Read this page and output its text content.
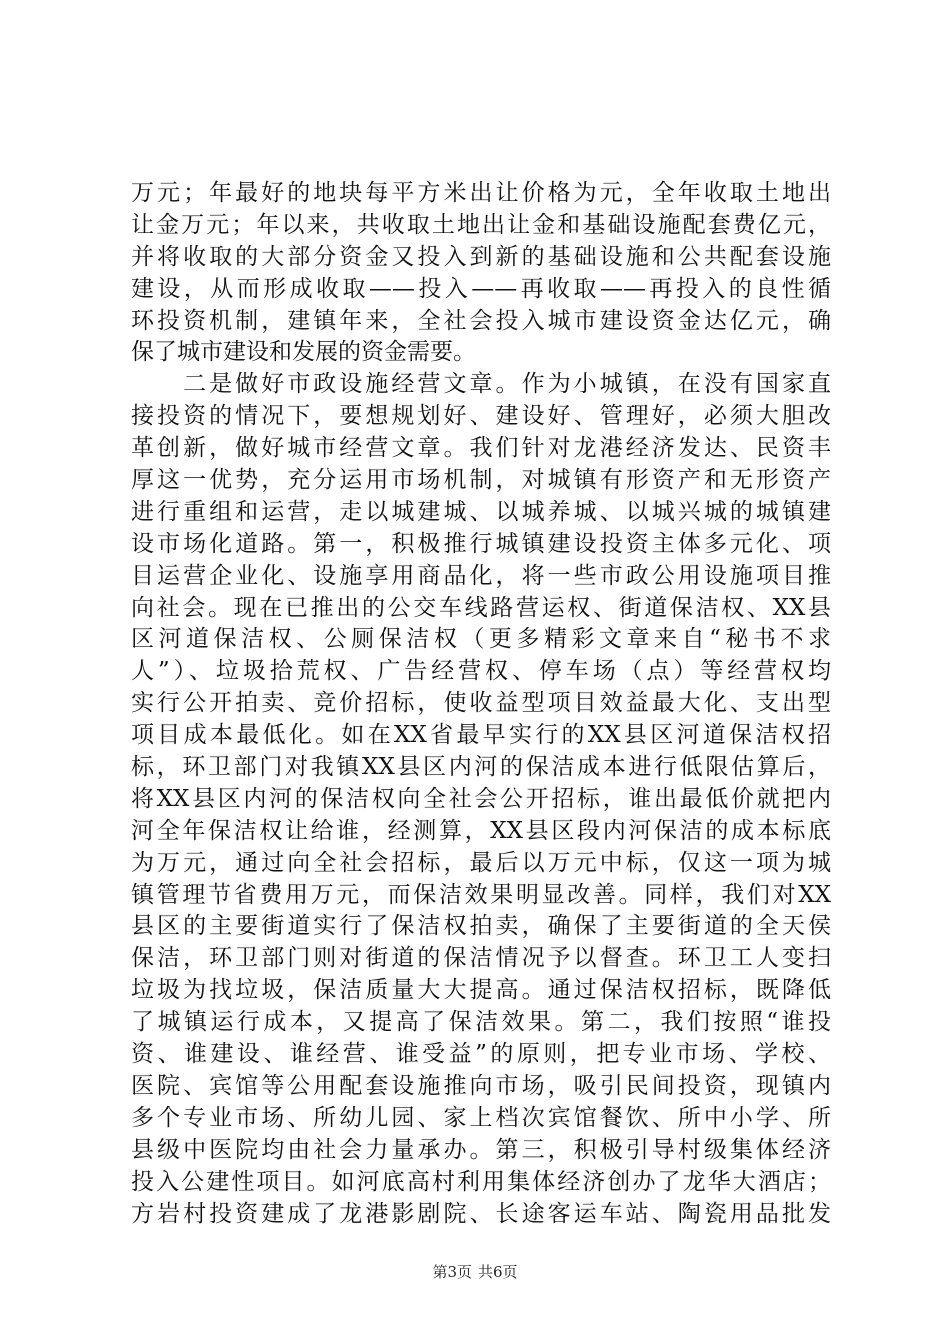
万元；年最好的地块每平方米出让价格为元，全年收取土地出
让金万元；年以来，共收取土地出让金和基础设施配套费亿元，
并将收取的大部分资金又投入到新的基础设施和公共配套设施
建设，从而形成收取——投入——再收取——再投入的良性循
环投资机制，建镇年来，全社会投入城市建设资金达亿元，确
保了城市建设和发展的资金需要。
　　二是做好市政设施经营文章。作为小城镇，在没有国家直
接投资的情况下，要想规划好、建设好、管理好，必须大胆改
革创新，做好城市经营文章。我们针对龙港经济发达、民资丰
厚这一优势，充分运用市场机制，对城镇有形资产和无形资产
进行重组和运营，走以城建城、以城养城、以城兴城的城镇建
设市场化道路。第一，积极推行城镇建设投资主体多元化、项
目运营企业化、设施享用商品化，将一些市政公用设施项目推
向社会。现在已推出的公交车线路营运权、街道保洁权、XX县
区河道保洁权、公厕保洁权（更多精彩文章来自“秘书不求
人”）、垃圾拾荒权、广告经营权、停车场（点）等经营权均
实行公开拍卖、竞价招标，使收益型项目效益最大化、支出型
项目成本最低化。如在XX省最早实行的XX县区河道保洁权招
标，环卫部门对我镇XX县区内河的保洁成本进行低限估算后，
将XX县区内河的保洁权向全社会公开招标，谁出最低价就把内
河全年保洁权让给谁，经测算，XX县区段内河保洁的成本标底
为万元，通过向全社会招标，最后以万元中标，仅这一项为城
镇管理节省费用万元，而保洁效果明显改善。同样，我们对XX
县区的主要街道实行了保洁权拍卖，确保了主要街道的全天侯
保洁，环卫部门则对街道的保洁情况予以督查。环卫工人变扫
垃圾为找垃圾，保洁质量大大提高。通过保洁权招标，既降低
了城镇运行成本，又提高了保洁效果。第二，我们按照“谁投
资、谁建设、谁经营、谁受益”的原则，把专业市场、学校、
医院、宾馆等公用配套设施推向市场，吸引民间投资，现镇内
多个专业市场、所幼儿园、家上档次宾馆餐饮、所中小学、所
县级中医院均由社会力量承办。第三，积极引导村级集体经济
投入公建性项目。如河底高村利用集体经济创办了龙华大酒店；
方岩村投资建成了龙港影剧院、长途客运车站、陶瓷用品批发
第3页 共6页
